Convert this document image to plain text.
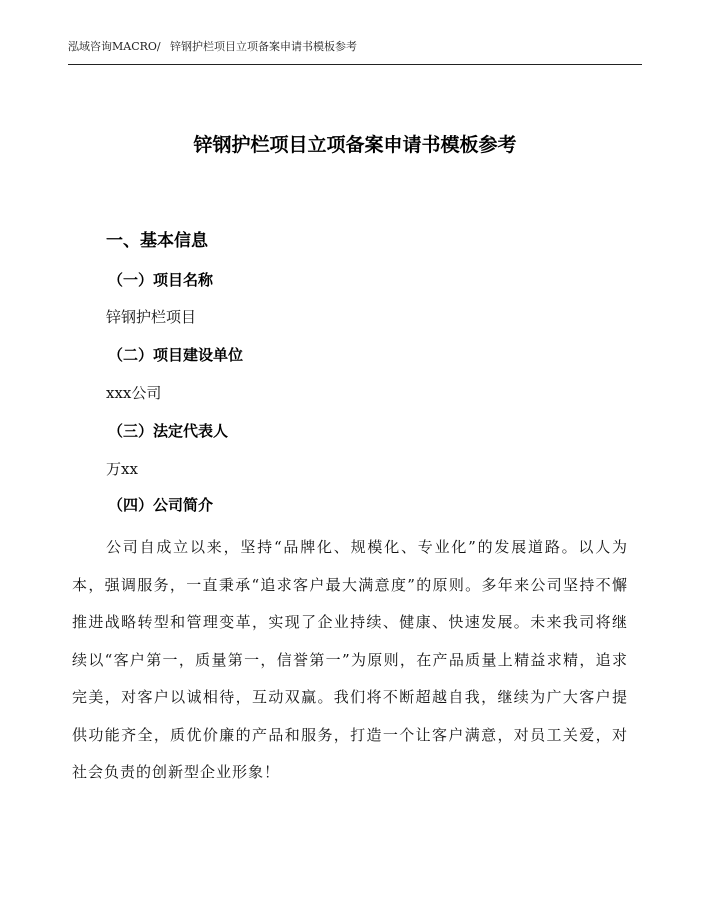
泓域咨询MACRO/ 锌钢护栏项目立项备案申请书模板参考
锌钢护栏项目立项备案申请书模板参考
一、基本信息
（一）项目名称
锌钢护栏项目
（二）项目建设单位
xxx公司
（三）法定代表人
万xx
（四）公司简介

公司自成立以来，坚持“品牌化、规模化、专业化”的发展道路。以人为本，强调服务，一直秉承“追求客户最大满意度”的原则。多年来公司坚持不懈推进战略转型和管理变革，实现了企业持续、健康、快速发展。未来我司将继续以“客户第一，质量第一，信誉第一”为原则，在产品质量上精益求精，追求完美，对客户以诚相待，互动双赢。我们将不断超越自我，继续为广大客户提供功能齐全，质优价廉的产品和服务，打造一个让客户满意，对员工关爱，对社会负责的创新型企业形象！
